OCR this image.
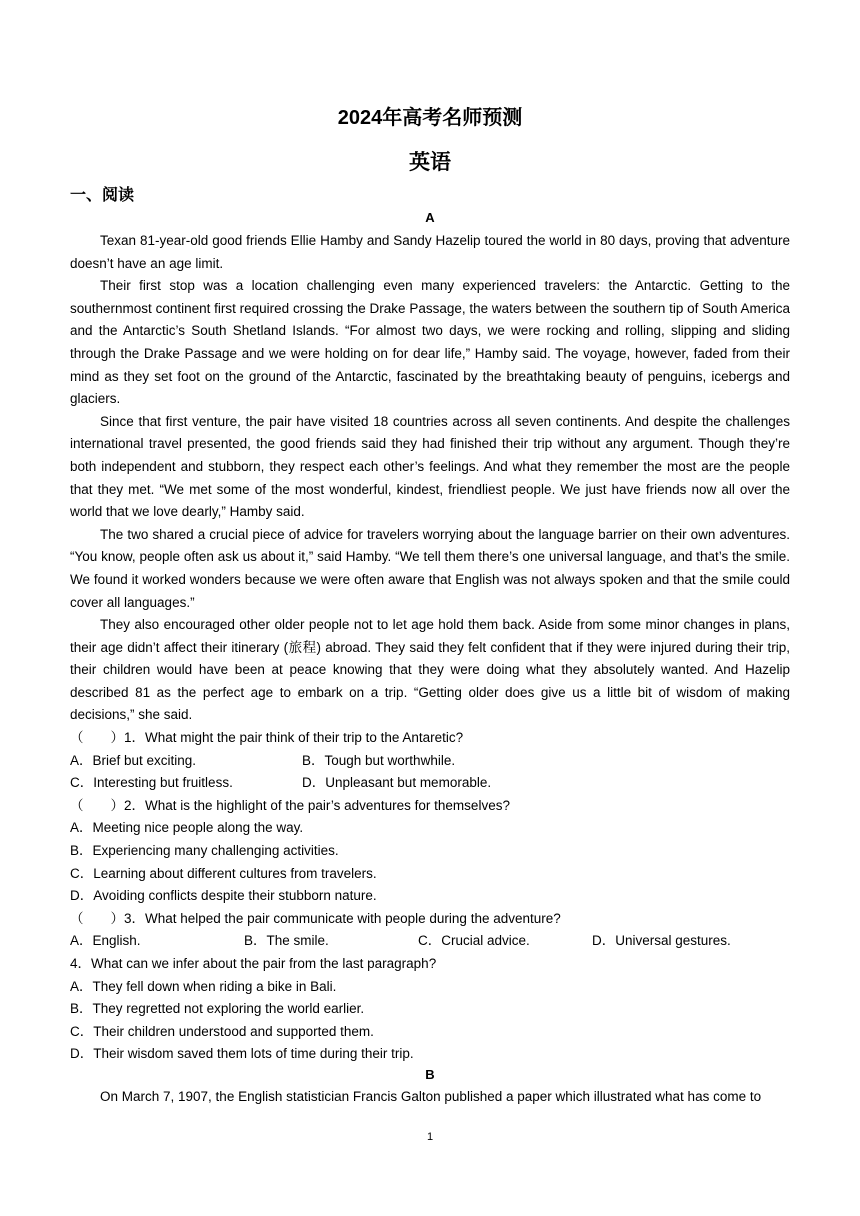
2024年高考名师预测
英语
一、阅读
A

Texan 81-year-old good friends Ellie Hamby and Sandy Hazelip toured the world in 80 days, proving that adventure doesn’t have an age limit.

Their first stop was a location challenging even many experienced travelers: the Antarctic. Getting to the southernmost continent first required crossing the Drake Passage, the waters between the southern tip of South America and the Antarctic’s South Shetland Islands. “For almost two days, we were rocking and rolling, slipping and sliding through the Drake Passage and we were holding on for dear life,” Hamby said. The voyage, however, faded from their mind as they set foot on the ground of the Antarctic, fascinated by the breathtaking beauty of penguins, icebergs and glaciers.

Since that first venture, the pair have visited 18 countries across all seven continents. And despite the challenges international travel presented, the good friends said they had finished their trip without any argument. Though they’re both independent and stubborn, they respect each other’s feelings. And what they remember the most are the people that they met. “We met some of the most wonderful, kindest, friendliest people. We just have friends now all over the world that we love dearly,” Hamby said.

The two shared a crucial piece of advice for travelers worrying about the language barrier on their own adventures. “You know, people often ask us about it,” said Hamby. “We tell them there’s one universal language, and that’s the smile. We found it worked wonders because we were often aware that English was not always spoken and that the smile could cover all languages.”

They also encouraged other older people not to let age hold them back. Aside from some minor changes in plans, their age didn’t affect their itinerary (旅程) abroad. They said they felt confident that if they were injured during their trip, their children would have been at peace knowing that they were doing what they absolutely wanted. And Hazelip described 81 as the perfect age to embark on a trip. “Getting older does give us a little bit of wisdom of making decisions,” she said.

（　　）1．What might the pair think of their trip to the Antaretic?
A．Brief but exciting.	B．Tough but worthwhile.
C．Interesting but fruitless.	D．Unpleasant but memorable.
（　　）2．What is the highlight of the pair’s adventures for themselves?
A．Meeting nice people along the way.
B．Experiencing many challenging activities.
C．Learning about different cultures from travelers.
D．Avoiding conflicts despite their stubborn nature.
（　　）3．What helped the pair communicate with people during the adventure?
A．English.	B．The smile.	C．Crucial advice.	D．Universal gestures.
4．What can we infer about the pair from the last paragraph?
A．They fell down when riding a bike in Bali.
B．They regretted not exploring the world earlier.
C．Their children understood and supported them.
D．Their wisdom saved them lots of time during their trip.
B

On March 7, 1907, the English statistician Francis Galton published a paper which illustrated what has come to

1
